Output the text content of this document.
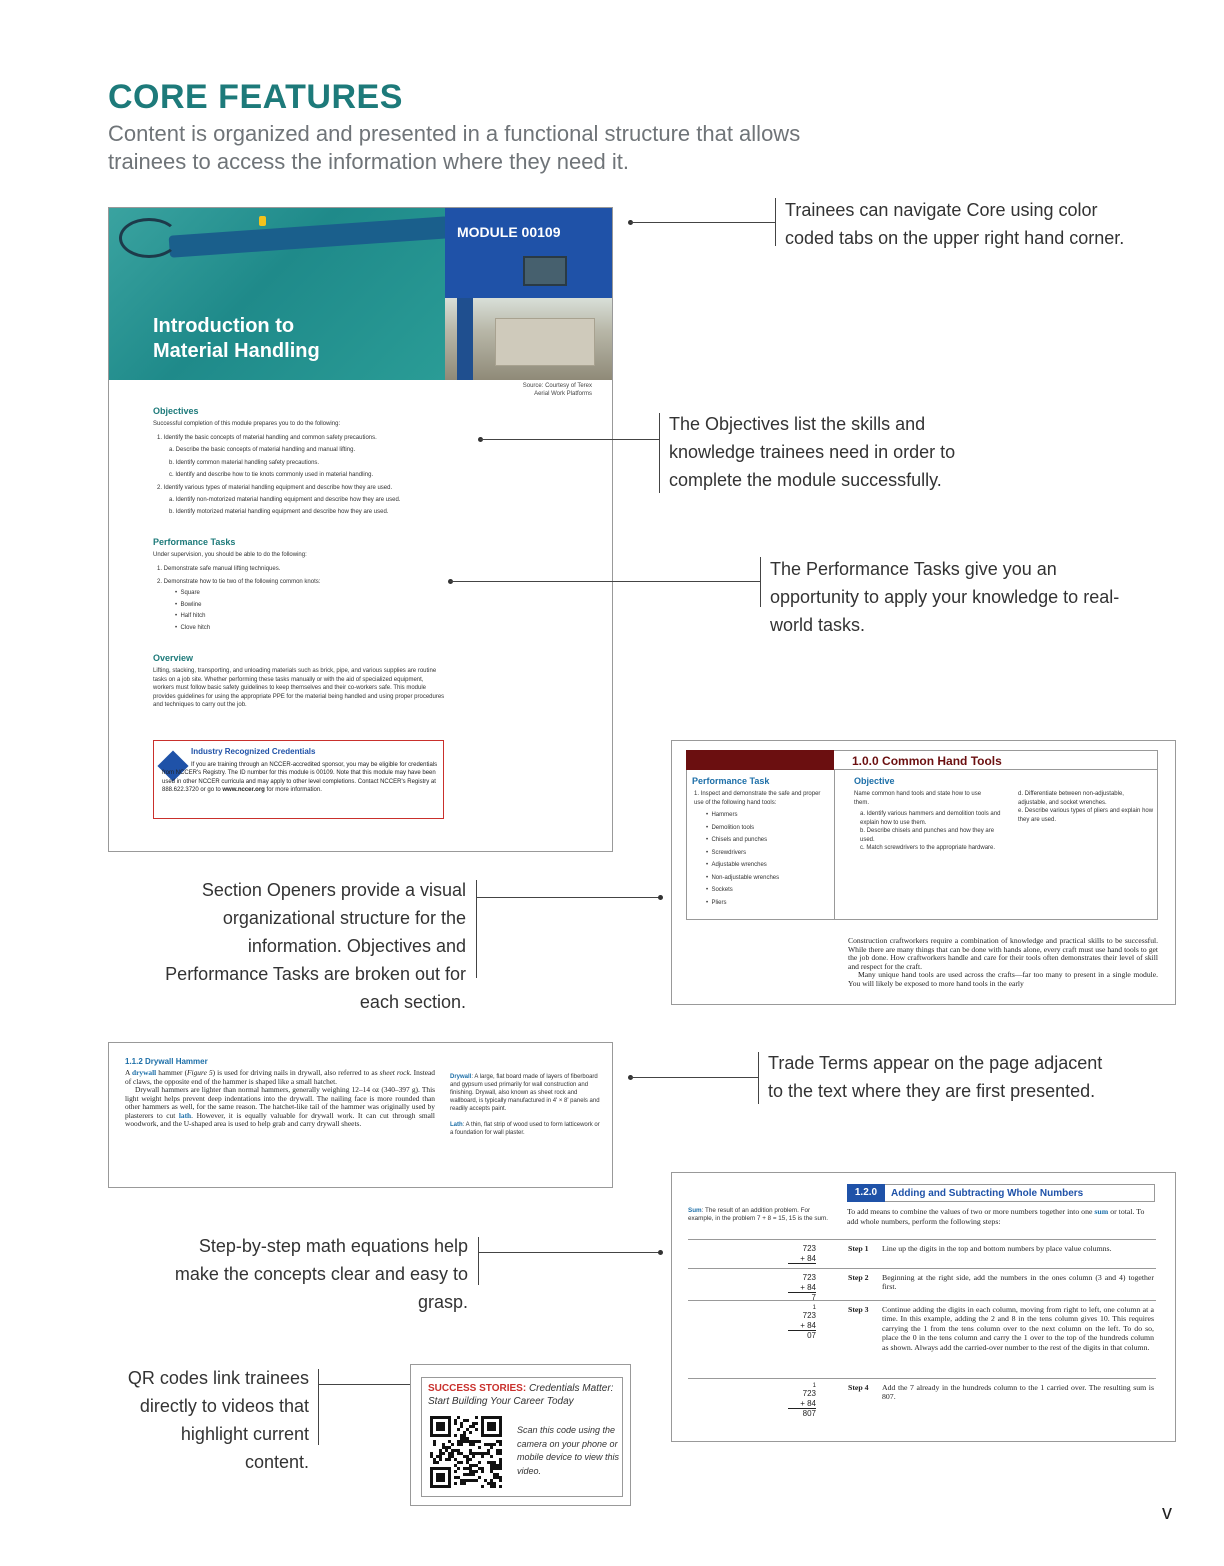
CORE FEATURES
Content is organized and presented in a functional structure that allows trainees to access the information where they need it.
Introduction to
Material Handling
MODULE 00109
Source: Courtesy of Terex
Aerial Work Platforms
Objectives
Successful completion of this module prepares you to do the following:
1. Identify the basic concepts of material handling and common safety precautions.
a. Describe the basic concepts of material handling and manual lifting.
b. Identify common material handling safety precautions.
c. Identify and describe how to tie knots commonly used in material handling.
2. Identify various types of material handling equipment and describe how they are used.
a. Identify non-motorized material handling equipment and describe how they are used.
b. Identify motorized material handling equipment and describe how they are used.
Performance Tasks
Under supervision, you should be able to do the following:
1. Demonstrate safe manual lifting techniques.
2. Demonstrate how to tie two of the following common knots:
•  Square
•  Bowline
•  Half hitch
•  Clove hitch
Overview
Lifting, stacking, transporting, and unloading materials such as brick, pipe, and various supplies are routine tasks on a job site. Whether performing these tasks manually or with the aid of specialized equipment, workers must follow basic safety guidelines to keep themselves and their co-workers safe. This module provides guidelines for using the appropriate PPE for the material being handled and using proper procedures and techniques to carry out the job.
Industry Recognized Credentials
If you are training through an NCCER-accredited sponsor, you may be eligible for credentials from NCCER's Registry. The ID number for this module is 00109. Note that this module may have been used in other NCCER curricula and may apply to other level completions. Contact NCCER's Registry at 888.622.3720 or go to www.nccer.org for more information.
Trainees can navigate Core using color coded tabs on the upper right hand corner.
The Objectives list the skills and knowledge trainees need in order to complete the module successfully.
The Performance Tasks give you an opportunity to apply your knowledge to real-world tasks.
1.0.0 Common Hand Tools
Performance Task
1. Inspect and demonstrate the safe and proper use of the following hand tools:
•  Hammers
•  Demolition tools
•  Chisels and punches
•  Screwdrivers
•  Adjustable wrenches
•  Non-adjustable wrenches
•  Sockets
•  Pliers
Objective
Name common hand tools and state how to use them.
a. Identify various hammers and demolition tools and explain how to use them.
b. Describe chisels and punches and how they are used.
c. Match screwdrivers to the appropriate hardware.
d. Differentiate between non-adjustable, adjustable, and socket wrenches.
e. Describe various types of pliers and explain how they are used.
Construction craftworkers require a combination of knowledge and practical skills to be successful. While there are many things that can be done with hands alone, every craft must use hand tools to get the job done. How craftworkers handle and care for their tools often demonstrates their level of skill and respect for the craft.
Many unique hand tools are used across the crafts—far too many to present in a single module. You will likely be exposed to more hand tools in the early
Section Openers provide a visual organizational structure for the information. Objectives and Performance Tasks are broken out for each section.
1.1.2 Drywall Hammer
A drywall hammer (Figure 5) is used for driving nails in drywall, also referred to as sheet rock. Instead of claws, the opposite end of the hammer is shaped like a small hatchet.
Drywall hammers are lighter than normal hammers, generally weighing 12–14 oz (340–397 g). This light weight helps prevent deep indentations into the drywall. The nailing face is more rounded than other hammers as well, for the same reason. The hatchet-like tail of the hammer was originally used by plasterers to cut lath. However, it is equally valuable for drywall work. It can cut through small woodwork, and the U-shaped area is used to help grab and carry drywall sheets.
Drywall: A large, flat board made of layers of fiberboard and gypsum used primarily for wall construction and finishing. Drywall, also known as sheet rock and wallboard, is typically manufactured in 4' × 8' panels and readily accepts paint.
Lath: A thin, flat strip of wood used to form latticework or a foundation for wall plaster.
Trade Terms appear on the page adjacent to the text where they are first presented.
1.2.0	Adding and Subtracting Whole Numbers
Sum: The result of an addition problem. For example, in the problem 7 + 8 = 15, 15 is the sum.
To add means to combine the values of two or more numbers together into one sum or total. To add whole numbers, perform the following steps:
723
+ 84
Step 1 Line up the digits in the top and bottom numbers by place value columns.
723
+ 84
7
Step 2 Beginning at the right side, add the numbers in the ones column (3 and 4) together first.
1
723
+ 84
07
Step 3 Continue adding the digits in each column, moving from right to left, one column at a time. In this example, adding the 2 and 8 in the tens column gives 10. This requires carrying the 1 from the tens column over to the next column on the left. To do so, place the 0 in the tens column and carry the 1 over to the top of the hundreds column as shown. Always add the carried-over number to the rest of the digits in that column.
1
723
+ 84
807
Step 4 Add the 7 already in the hundreds column to the 1 carried over. The resulting sum is 807.
Step-by-step math equations help make the concepts clear and easy to grasp.
QR codes link trainees directly to videos that highlight current content.
SUCCESS STORIES: Credentials Matter:
Start Building Your Career Today
Scan this code using the camera on your phone or mobile device to view this video.
v
